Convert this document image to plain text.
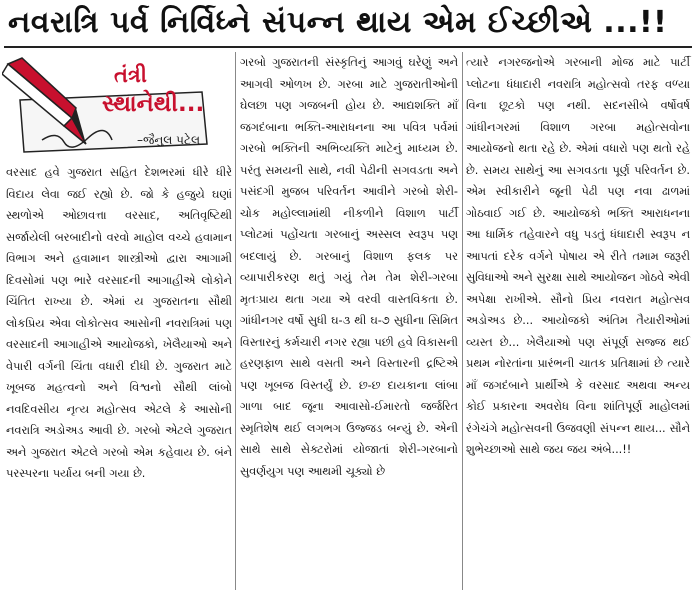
નવરાત્રિ પર્વ નિર્વિધ્ને સંપન્ન થાય એમ ઈચ્છીએ ...!!
તંત્રી
સ્થાનેથી...
–જૈનુલ પટેલ

વરસાદ હવે ગુજરાત સહિત દેશભરમાં ધીરે ધીરે વિદાય લેવા જઈ રહ્યો છે. જો કે હજુયે ઘણાં સ્થળોએ ઓછાવત્તા વરસાદ, અતિવૃષ્ટિથી સર્જાયેલી બરબાદીનો વરવો માહોલ વચ્ચે હવામાન વિભાગ અને હવામાન શાસ્ત્રીઓ દ્વારા આગામી દિવસોમાં પણ ભારે વરસાદની આગાહીએ લોકોને ચિંતિત રાખ્યા છે. એમાં ય ગુજરાતના સૌથી લોકપ્રિય એવા લોકોત્સવ આસોની નવરાત્રિમાં પણ વરસાદની આગાહીએ આયોજકો, ખેલૈયાઓ અને વેપારી વર્ગની ચિંતા વધારી દીધી છે. ગુજરાત માટે ખૂબજ મહત્વનો અને વિશ્વનો સૌથી લાંબો નવદિવસીય નૃત્ય મહોત્સવ એટલે કે આસોની નવરાત્રિ અડોઅડ આવી છે. ગરબો એટલે ગુજરાત અને ગુજરાત એટલે ગરબો એમ કહેવાય છે. બંને પરસ્પરના પર્યાય બની ગયા છે.

ગરબો ગુજરાતની સંસ્કૃતિનું આગવું ઘરેણું અને આગવી ઓળખ છે. ગરબા માટે ગુજરાતીઓની ઘેલછા પણ ગજબની હોય છે. આદ્યશક્તિ માઁ જગદંબાના ભક્તિ-આરાધનના આ પવિત્ર પર્વમાં ગરબો ભક્તિની અભિવ્યક્તિ માટેનું માધ્યમ છે. પરંતુ સમયની સાથે, નવી પેઢીની સગવડતા અને પસંદગી મુજબ પરિવર્તન આવીને ગરબો શેરી-ચોક મહોલ્લામાંથી નીકળીને વિશાળ પાર્ટી પ્લોટમાં પહોંચતા ગરબાનું અસ્સલ સ્વરૂપ પણ બદલાયું છે. ગરબાનું વિશાળ ફલક પર વ્યાપારીકરણ થતું ગયું તેમ તેમ શેરી-ગરબા મૃતઃપ્રાય થતા ગયા એ વરવી વાસ્તવિકતા છે. ગાંધીનગર વર્ષો સુધી ઘ-૩ થી ઘ-૭ સુધીના સિમિત વિસ્તારનું કર્મચારી નગર રહ્યા પછી હવે વિકાસની હરણફાળ સાથે વસતી અને વિસ્તારની દ્રષ્ટિએ પણ ખૂબજ વિસ્તર્યું છે. છ-છ દાયકાના લાંબા ગાળા બાદ જૂના આવાસો-ઈમારતો જર્જરિત સ્મૃતિશેષ થઈ લગભગ ઉજ્જડ બન્યું છે. એની સાથે સાથે સેક્ટરોમાં યોજાતાં શેરી-ગરબાનો સુવર્ણયુગ પણ આથમી ચૂક્યો છે

ત્યારે નગરજનોએ ગરબાની મોજ માટે પાર્ટી પ્લોટના ધંધાદારી નવરાત્રિ મહોત્સવો તરફ વળ્યા વિના છૂટકો પણ નથી. સદનસીબે વર્ષોવર્ષ ગાંધીનગરમાં વિશાળ ગરબા મહોત્સવોના આયોજનો થતા રહે છે. એમાં વધારો પણ થતો રહે છે. સમય સાથેનું આ સગવડતા પૂર્ણ પરિવર્તન છે. એમ સ્વીકારીને જૂની પેઢી પણ નવા ઢાળમાં ગોઠવાઈ ગઈ છે. આયોજકો ભક્તિ આરાધનના આ ધાર્મિક તહેવારને વધુ પડતું ધંધાદારી સ્વરૂપ ન આપતાં દરેક વર્ગને પોષાય એ રીતે તમામ જરૂરી સુવિધાઓ અને સુરક્ષા સાથે આયોજન ગોઠવે એવી અપેક્ષા રાખીએ. સૌનો પ્રિય નવરાત મહોત્સવ અડોઅડ છે... આયોજકો અંતિમ તૈયારીઓમાં વ્યસ્ત છે... ખેલૈયાઓ પણ સંપૂર્ણ સજ્જ થઈ પ્રથમ નોરતાંના પ્રારંભની ચાતક પ્રતિક્ષામાં છે ત્યારે માઁ જગદંબાને પ્રાર્થીએ કે વરસાદ અથવા અન્ય કોઈ પ્રકારના અવરોધ વિના શાંતિપૂર્ણ માહોલમાં રંગેચંગે મહોત્સવની ઉજવણી સંપન્ન થાય... સૌને શુભેચ્છાઓ સાથે જય જય અંબે...!!
